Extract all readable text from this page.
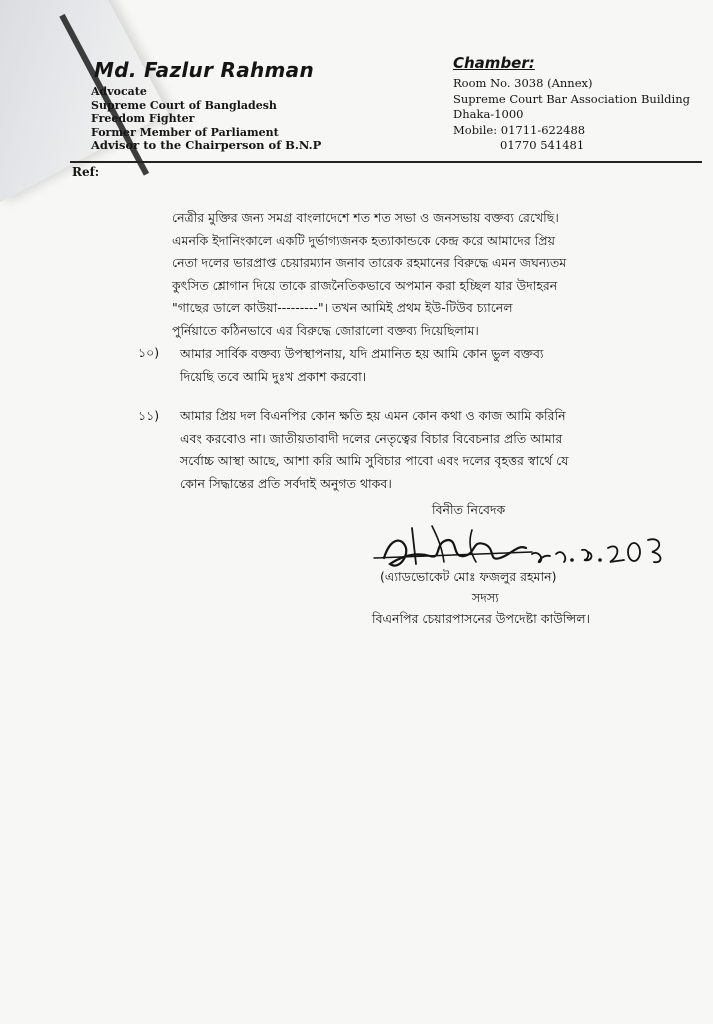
Md. Fazlur Rahman
Advocate
Supreme Court of Bangladesh
Freedom Fighter
Former Member of Parliament
Advisor to the Chairperson of B.N.P
Chamber:
Room No. 3038 (Annex)
Supreme Court Bar Association Building
Dhaka-1000
Mobile: 01711-622488
01770 541481
Ref:
নেত্রীর মুক্তির জন্য সমগ্র বাংলাদেশে শত শত সভা ও জনসভায় বক্তব্য রেখেছি।
এমনকি ইদানিংকালে একটি দুর্ভাগ্যজনক হত্যাকান্ডকে কেন্দ্র করে আমাদের প্রিয়
নেতা দলের ভারপ্রাপ্ত চেয়ারম্যান জনাব তারেক রহমানের বিরুদ্ধে এমন জঘন্যতম
কুৎসিত শ্লোগান দিয়ে তাকে রাজনৈতিকভাবে অপমান করা হচ্ছিল যার উদাহরন
"গাছের ডালে কাউয়া---------"। তখন আমিই প্রথম ইউ-টিউব চ্যানেল
পুর্নিয়াতে কঠিনভাবে এর বিরুদ্ধে জোরালো বক্তব্য দিয়েছিলাম।
১০) আমার সার্বিক বক্তব্য উপস্থাপনায়, যদি প্রমানিত হয় আমি কোন ভুল বক্তব্য
দিয়েছি তবে আমি দুঃখ প্রকাশ করবো।
১১) আমার প্রিয় দল বিএনপির কোন ক্ষতি হয় এমন কোন কথা ও কাজ আমি করিনি
এবং করবোও না। জাতীয়তাবাদী দলের নেতৃত্বের বিচার বিবেচনার প্রতি আমার
সর্বোচ্চ আস্থা আছে, আশা করি আমি সুবিচার পাবো এবং দলের বৃহত্তর স্বার্থে যে
কোন সিদ্ধান্তের প্রতি সর্বদাই অনুগত থাকব।
বিনীত নিবেদক
(এ্যাডভোকেট মোঃ ফজলুর রহমান)
সদস্য
বিএনপির চেয়ারপাসনের উপদেষ্টা কাউন্সিল।
